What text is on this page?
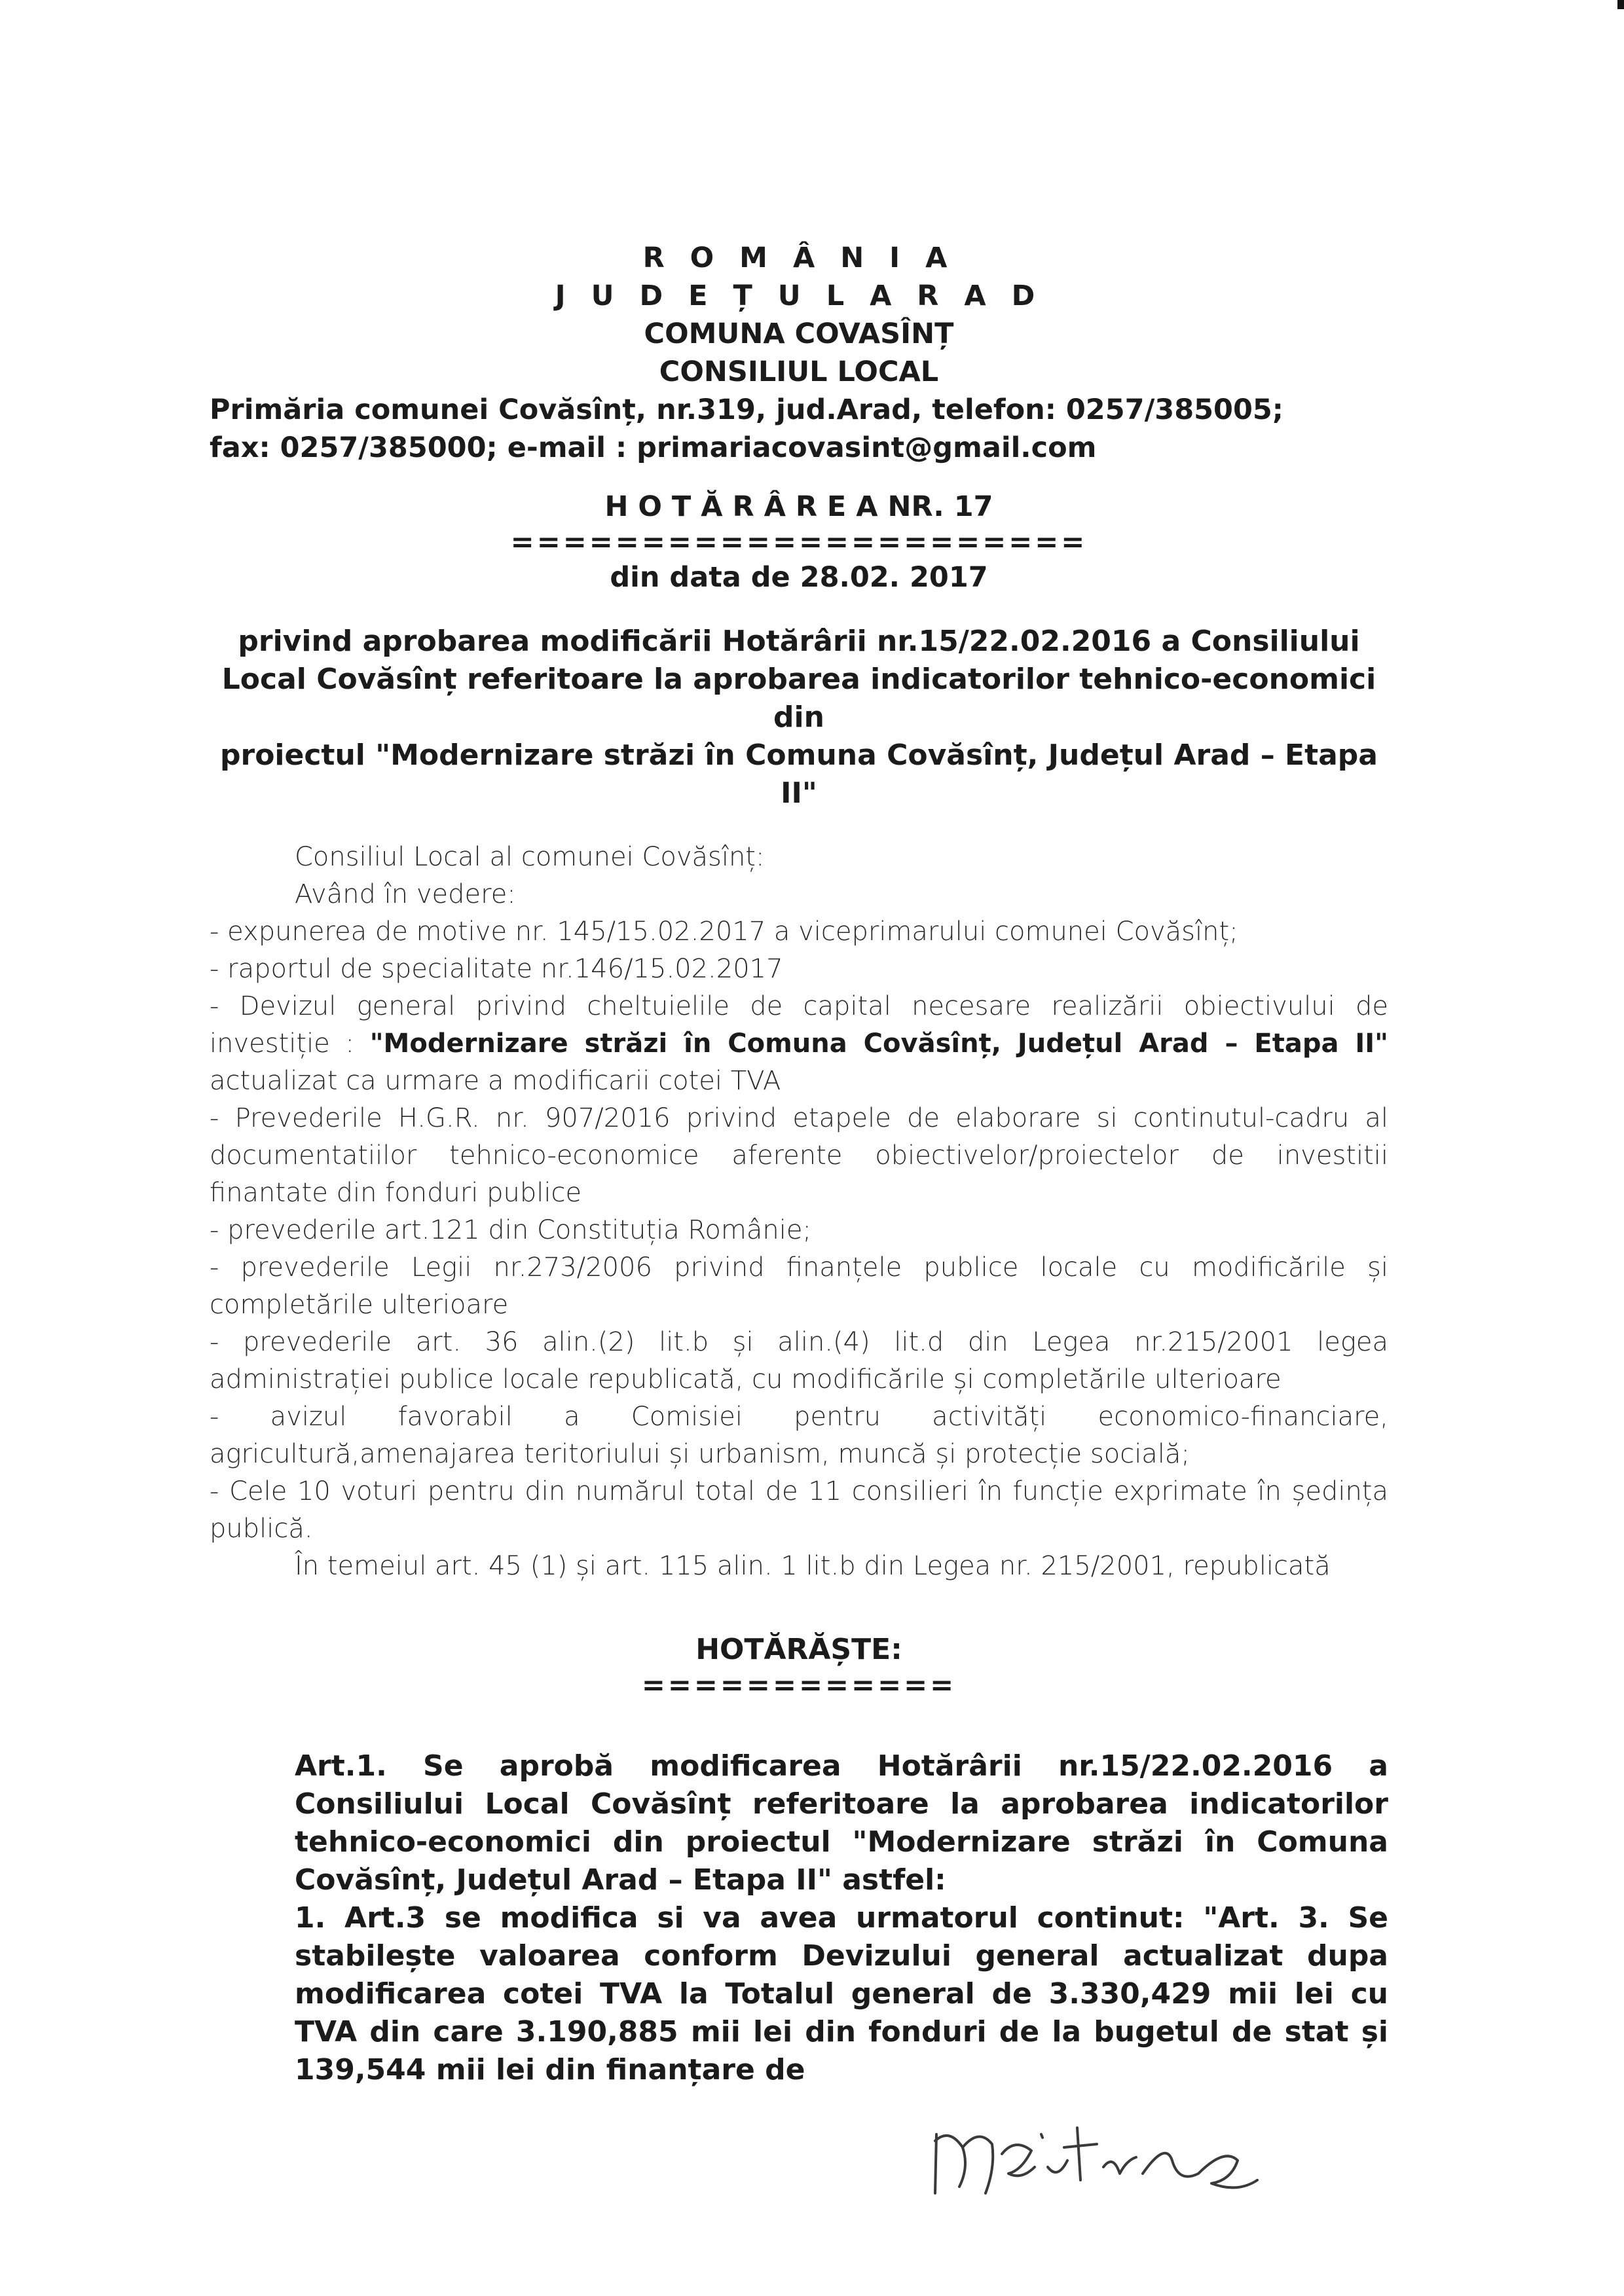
R O M Â N I A
J U D E Ț U L A R A D
COMUNA COVASÎNȚ
CONSILIUL LOCAL
Primăria comunei Covăsînț, nr.319, jud.Arad, telefon: 0257/385005;
fax: 0257/385000; e-mail : primariacovasint@gmail.com
H O T Ă R Â R E A NR. 17
======================
din data de 28.02. 2017
privind aprobarea modificării Hotărârii nr.15/22.02.2016 a Consiliului
Local Covăsînț referitoare la aprobarea indicatorilor tehnico-economici din
proiectul "Modernizare străzi în Comuna Covăsînț, Județul Arad – Etapa II"

Consiliul Local al comunei Covăsînț:

Având în vedere:

- expunerea de motive nr. 145/15.02.2017 a viceprimarului comunei Covăsînț;

- raportul de specialitate nr.146/15.02.2017

- Devizul general privind cheltuielile de capital necesare realizării obiectivului de investiție : "Modernizare străzi în Comuna Covăsînț, Județul Arad – Etapa II" actualizat ca urmare a modificarii cotei TVA

- Prevederile H.G.R. nr. 907/2016 privind etapele de elaborare si continutul-cadru al documentatiilor tehnico-economice aferente obiectivelor/proiectelor de investitii finantate din fonduri publice

- prevederile art.121 din Constituția Românie;

- prevederile Legii nr.273/2006 privind finanțele publice locale cu modificările și completările ulterioare

- prevederile art. 36 alin.(2) lit.b și alin.(4) lit.d din Legea nr.215/2001 legea administrației publice locale republicată, cu modificările și completările ulterioare

- avizul favorabil a Comisiei pentru activități economico-financiare, agricultură,amenajarea teritoriului și urbanism, muncă și protecție socială;

- Cele 10 voturi pentru din numărul total de 11 consilieri în funcție exprimate în ședința publică.

În temeiul art. 45 (1) și art. 115 alin. 1 lit.b din Legea nr. 215/2001, republicată

HOTĂRĂȘTE:
============

Art.1. Se aprobă modificarea Hotărârii nr.15/22.02.2016 a Consiliului Local Covăsînț referitoare la aprobarea indicatorilor tehnico-economici din proiectul "Modernizare străzi în Comuna Covăsînț, Județul Arad – Etapa II" astfel:

1. Art.3 se modifica si va avea urmatorul continut: "Art. 3. Se stabilește valoarea conform Devizului general actualizat dupa modificarea cotei TVA la Totalul general de 3.330,429 mii lei cu TVA din care 3.190,885 mii lei din fonduri de la bugetul de stat și 139,544 mii lei din finanțare de
